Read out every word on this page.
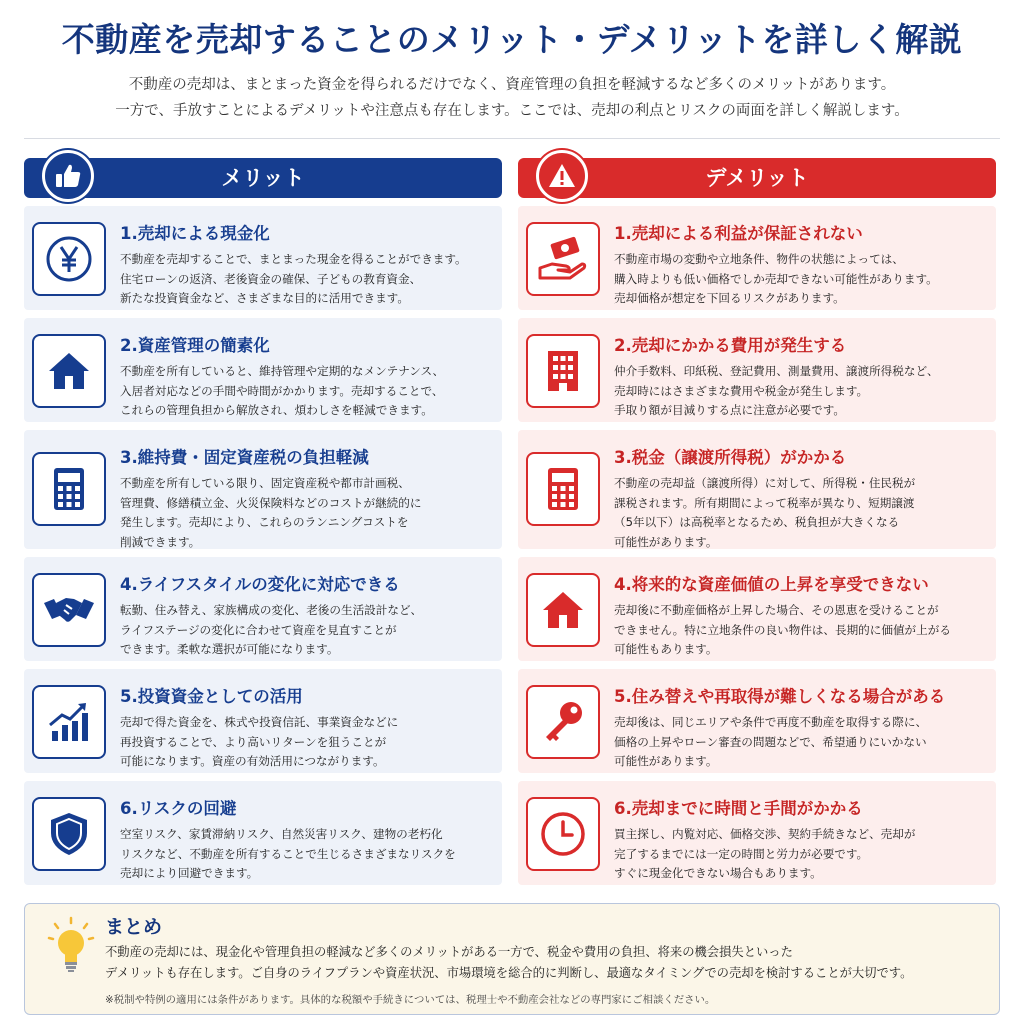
不動産を売却することのメリット・デメリットを詳しく解説
不動産の売却は、まとまった資金を得られるだけでなく、資産管理の負担を軽減するなど多くのメリットがあります。
一方で、手放すことによるデメリットや注意点も存在します。ここでは、売却の利点とリスクの両面を詳しく解説します。
メリット
1.売却による現金化
不動産を売却することで、まとまった現金を得ることができます。
住宅ローンの返済、老後資金の確保、子どもの教育資金、
新たな投資資金など、さまざまな目的に活用できます。
2.資産管理の簡素化
不動産を所有していると、維持管理や定期的なメンテナンス、
入居者対応などの手間や時間がかかります。売却することで、
これらの管理負担から解放され、煩わしさを軽減できます。
3.維持費・固定資産税の負担軽減
不動産を所有している限り、固定資産税や都市計画税、
管理費、修繕積立金、火災保険料などのコストが継続的に
発生します。売却により、これらのランニングコストを
削減できます。
4.ライフスタイルの変化に対応できる
転勤、住み替え、家族構成の変化、老後の生活設計など、
ライフステージの変化に合わせて資産を見直すことが
できます。柔軟な選択が可能になります。
5.投資資金としての活用
売却で得た資金を、株式や投資信託、事業資金などに
再投資することで、より高いリターンを狙うことが
可能になります。資産の有効活用につながります。
6.リスクの回避
空室リスク、家賃滞納リスク、自然災害リスク、建物の老朽化
リスクなど、不動産を所有することで生じるさまざまなリスクを
売却により回避できます。
デメリット
1.売却による利益が保証されない
不動産市場の変動や立地条件、物件の状態によっては、
購入時よりも低い価格でしか売却できない可能性があります。
売却価格が想定を下回るリスクがあります。
2.売却にかかる費用が発生する
仲介手数料、印紙税、登記費用、測量費用、譲渡所得税など、
売却時にはさまざまな費用や税金が発生します。
手取り額が目減りする点に注意が必要です。
3.税金（譲渡所得税）がかかる
不動産の売却益（譲渡所得）に対して、所得税・住民税が
課税されます。所有期間によって税率が異なり、短期譲渡
（5年以下）は高税率となるため、税負担が大きくなる
可能性があります。
4.将来的な資産価値の上昇を享受できない
売却後に不動産価格が上昇した場合、その恩恵を受けることが
できません。特に立地条件の良い物件は、長期的に価値が上がる
可能性もあります。
5.住み替えや再取得が難しくなる場合がある
売却後は、同じエリアや条件で再度不動産を取得する際に、
価格の上昇やローン審査の問題などで、希望通りにいかない
可能性があります。
6.売却までに時間と手間がかかる
買主探し、内覧対応、価格交渉、契約手続きなど、売却が
完了するまでには一定の時間と労力が必要です。
すぐに現金化できない場合もあります。
まとめ
不動産の売却には、現金化や管理負担の軽減など多くのメリットがある一方で、税金や費用の負担、将来の機会損失といった
デメリットも存在します。ご自身のライフプランや資産状況、市場環境を総合的に判断し、最適なタイミングでの売却を検討することが大切です。
※税制や特例の適用には条件があります。具体的な税額や手続きについては、税理士や不動産会社などの専門家にご相談ください。
